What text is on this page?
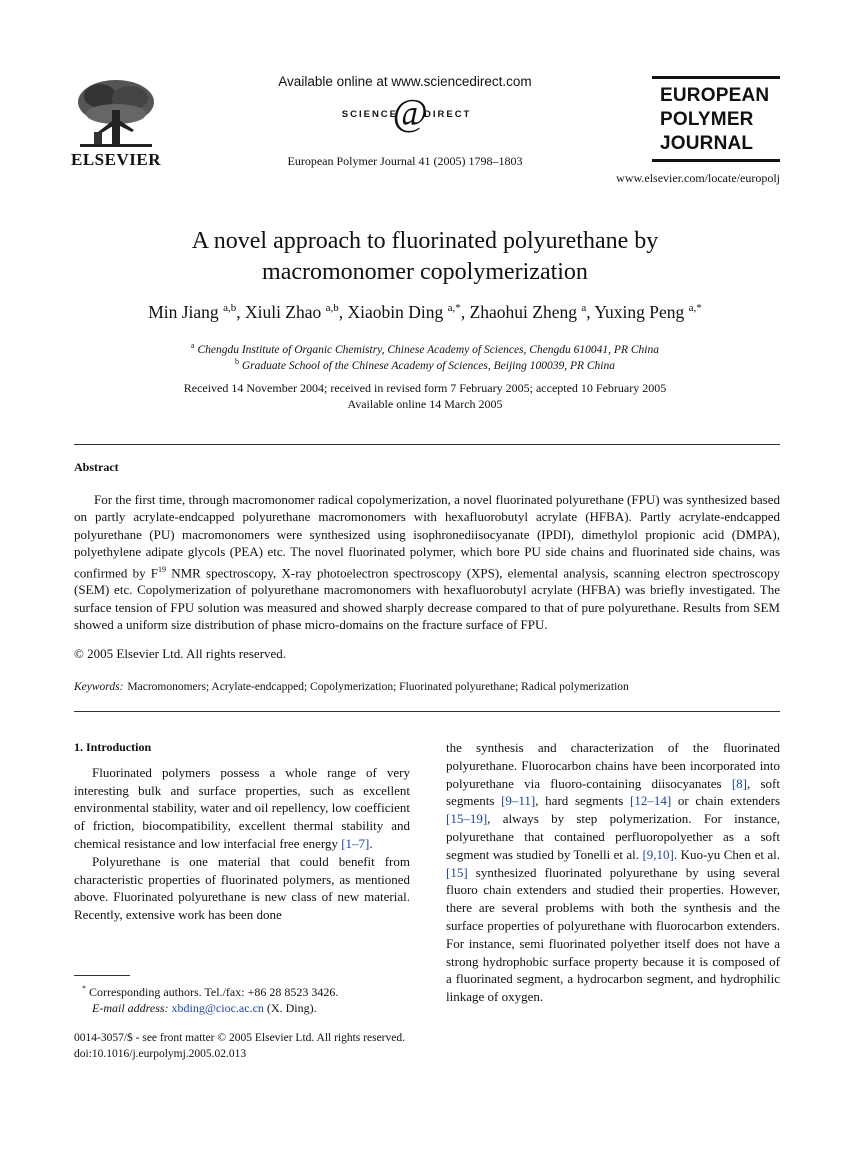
ELSEVIER
Available online at www.sciencedirect.com
SCIENCE
@
DIRECT
European Polymer Journal 41 (2005) 1798–1803
EUROPEAN
POLYMER
JOURNAL
www.elsevier.com/locate/europolj
A novel approach to fluorinated polyurethane by
macromonomer copolymerization
Min Jiang $^{a,b}$, Xiuli Zhao $^{a,b}$, Xiaobin Ding $^{a,*}$, Zhaohui Zheng $^a$, Yuxing Peng $^{a,*}$
$^a$ Chengdu Institute of Organic Chemistry, Chinese Academy of Sciences, Chengdu 610041, PR China
$^b$ Graduate School of the Chinese Academy of Sciences, Beijing 100039, PR China
Received 14 November 2004; received in revised form 7 February 2005; accepted 10 February 2005
Available online 14 March 2005
Abstract

For the first time, through macromonomer radical copolymerization, a novel fluorinated polyurethane (FPU) was synthesized based on partly acrylate-endcapped polyurethane macromonomers with hexafluorobutyl acrylate (HFBA). Partly acrylate-endcapped polyurethane (PU) macromonomers were synthesized using isophronediisocyanate (IPDI), dimethylol propionic acid (DMPA), polyethylene adipate glycols (PEA) etc. The novel fluorinated polymer, which bore PU side chains and fluorinated side chains, was confirmed by $F^{19}$ NMR spectroscopy, X-ray photoelectron spectroscopy (XPS), elemental analysis, scanning electron spectroscopy (SEM) etc. Copolymerization of polyurethane macromonomers with hexafluorobutyl acrylate (HFBA) was briefly investigated. The surface tension of FPU solution was measured and showed sharply decrease compared to that of pure polyurethane. Results from SEM showed a uniform size distribution of phase micro-domains on the fracture surface of FPU.

© 2005 Elsevier Ltd. All rights reserved.
Keywords: Macromonomers; Acrylate-endcapped; Copolymerization; Fluorinated polyurethane; Radical polymerization

1. Introduction

Fluorinated polymers possess a whole range of very interesting bulk and surface properties, such as excellent environmental stability, water and oil repellency, low coefficient of friction, biocompatibility, excellent thermal stability and chemical resistance and low interfacial free energy [1–7].

Polyurethane is one material that could benefit from characteristic properties of fluorinated polymers, as mentioned above. Fluorinated polyurethane is new class of new material. Recently, extensive work has been done

* Corresponding authors. Tel./fax: +86 28 8523 3426.
E-mail address: xbding@cioc.ac.cn (X. Ding).

the synthesis and characterization of the fluorinated polyurethane. Fluorocarbon chains have been incorporated into polyurethane via fluoro-containing diisocyanates [8], soft segments [9–11], hard segments [12–14] or chain extenders [15–19], always by step polymerization. For instance, polyurethane that contained perfluoropolyether as a soft segment was studied by Tonelli et al. [9,10]. Kuo-yu Chen et al. [15] synthesized fluorinated polyurethane by using several fluoro chain extenders and studied their properties. However, there are several problems with both the synthesis and the surface properties of polyurethane with fluorocarbon extenders. For instance, semi fluorinated polyether itself does not have a strong hydrophobic surface property because it is composed of a fluorinated segment, a hydrocarbon segment, and hydrophilic linkage of oxygen.

0014-3057/$ - see front matter © 2005 Elsevier Ltd. All rights reserved.
doi:10.1016/j.eurpolymj.2005.02.013
